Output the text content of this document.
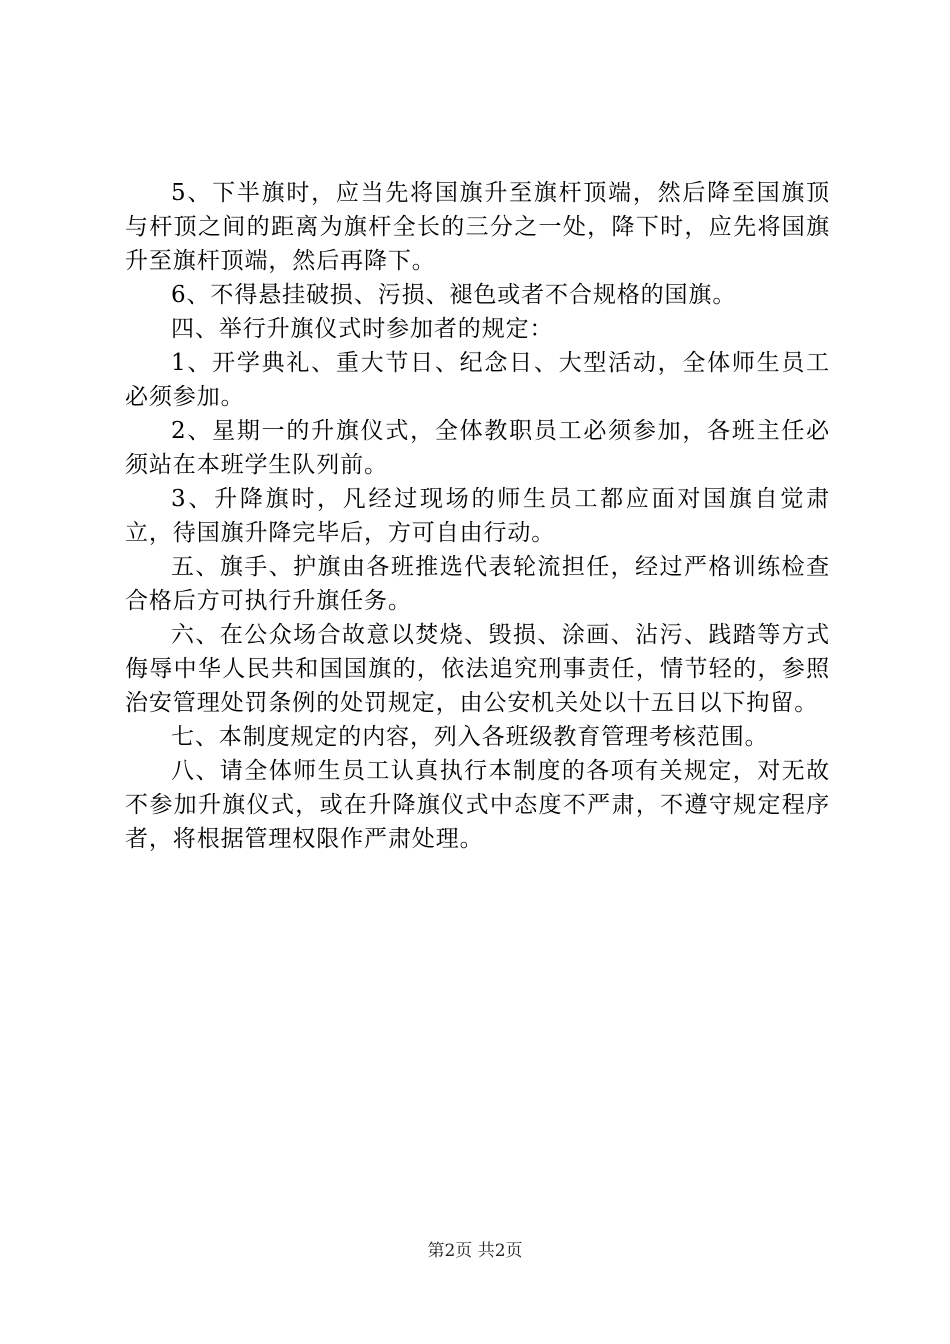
5、下半旗时，应当先将国旗升至旗杆顶端，然后降至国旗顶与杆顶之间的距离为旗杆全长的三分之一处，降下时，应先将国旗升至旗杆顶端，然后再降下。

6、不得悬挂破损、污损、褪色或者不合规格的国旗。

四、举行升旗仪式时参加者的规定：

1、开学典礼、重大节日、纪念日、大型活动，全体师生员工必须参加。

2、星期一的升旗仪式，全体教职员工必须参加，各班主任必须站在本班学生队列前。

3、升降旗时，凡经过现场的师生员工都应面对国旗自觉肃立，待国旗升降完毕后，方可自由行动。

五、旗手、护旗由各班推选代表轮流担任，经过严格训练检查合格后方可执行升旗任务。

六、在公众场合故意以焚烧、毁损、涂画、沾污、践踏等方式侮辱中华人民共和国国旗的，依法追究刑事责任，情节轻的，参照治安管理处罚条例的处罚规定，由公安机关处以十五日以下拘留。

七、本制度规定的内容，列入各班级教育管理考核范围。

八、请全体师生员工认真执行本制度的各项有关规定，对无故不参加升旗仪式，或在升降旗仪式中态度不严肃，不遵守规定程序者，将根据管理权限作严肃处理。

第2页 共2页
